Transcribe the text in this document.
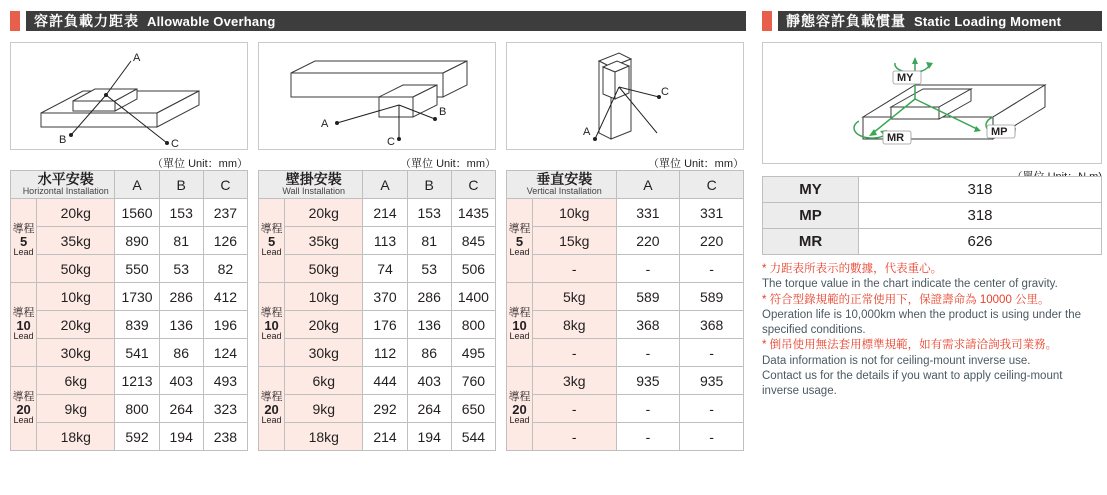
容許負載力距表 Allowable Overhang	靜態容許負載慣量 Static Loading Moment
A
B	C
（單位 Unit：mm）
A
B
C
（單位 Unit：mm）
A
C
（單位 Unit：mm）
MY
MP
MR
水平安裝
Horizontal Installation		A	B	C

導程
5
Lead	20kg	1560	153	237
	35kg	890	81	126
	50kg	550	53	82

導程
10
Lead	10kg	1730	286	412
	20kg	839	136	196
	30kg	541	86	124

導程
20
Lead	6kg	1213	403	493
	9kg	800	264	323
	18kg	592	194	238
壁掛安裝
Wall Installation		A	B	C

導程
5
Lead	20kg	214	153	1435
	35kg	113	81	845
	50kg	74	53	506

導程
10
Lead	10kg	370	286	1400
	20kg	176	136	800
	30kg	112	86	495

導程
20
Lead	6kg	444	403	760
	9kg	292	264	650
	18kg	214	194	544
垂直安裝
Vertical Installation		A	C

導程
5
Lead	10kg	331	331
	15kg	220	220
	-	-	-

導程
10
Lead	5kg	589	589
	8kg	368	368
	-	-	-

導程
20
Lead	3kg	935	935
	-	-	-
	-	-	-
MY	318
MP	318
MR	626
* 力距表所表示的數據，代表重心。
The torque value in the chart indicate the center of gravity.
* 符合型錄規範的正常使用下，保證壽命為 10000 公里。
Operation life is 10,000km when the product is using under the
specified conditions.
* 倒吊使用無法套用標準規範，如有需求請洽詢我司業務。
Data information is not for ceiling-mount inverse use.
Contact us for the details if you want to apply ceiling-mount
inverse usage.
